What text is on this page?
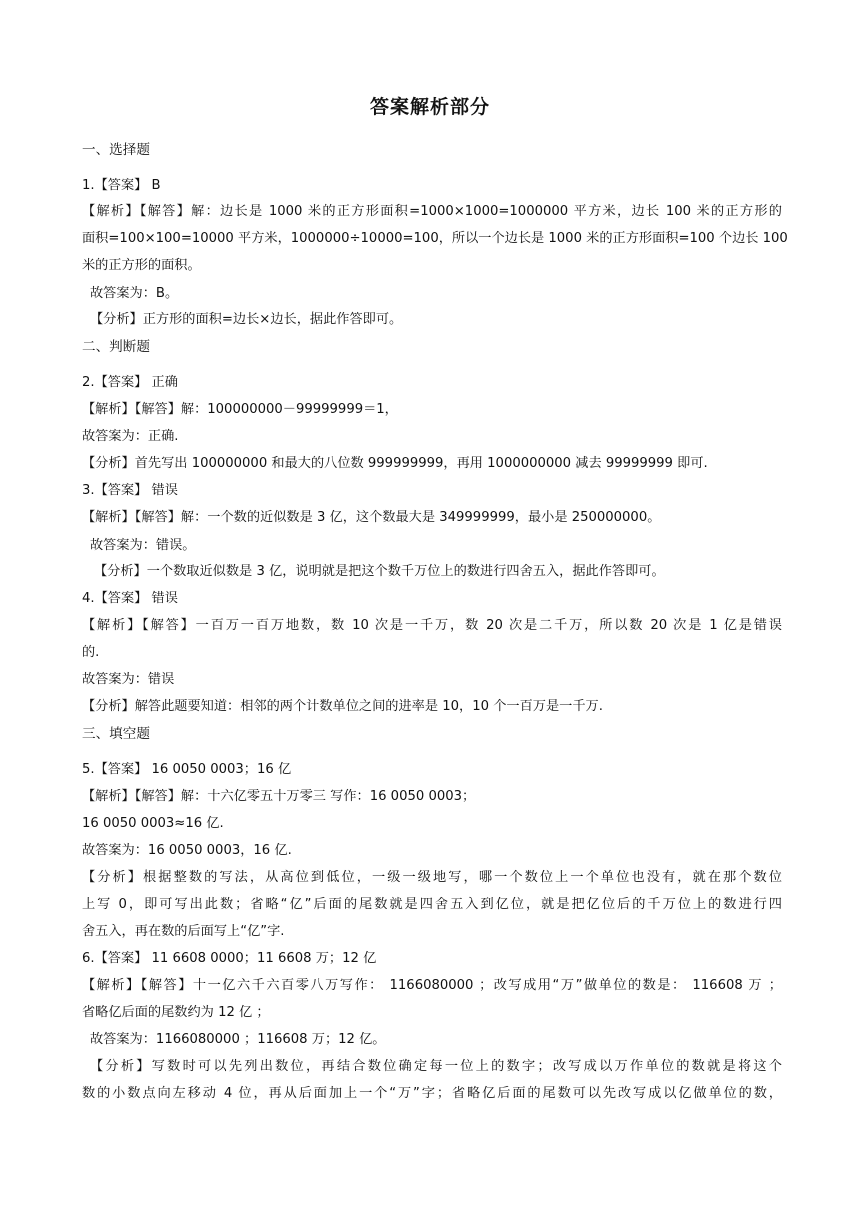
答案解析部分
一、选择题
1.【答案】 B
【解析】【解答】解：边长是 1000 米的正方形面积=1000×1000=1000000 平方米，边长 100 米的正方形的
面积=100×100=10000 平方米，1000000÷10000=100，所以一个边长是 1000 米的正方形面积=100 个边长 100
米的正方形的面积。
故答案为：B。
【分析】正方形的面积=边长×边长，据此作答即可。
二、判断题
2.【答案】 正确
【解析】【解答】解：100000000－99999999＝1，
故答案为：正确.
【分析】首先写出 100000000 和最大的八位数 999999999，再用 1000000000 减去 99999999 即可.
3.【答案】 错误
【解析】【解答】解：一个数的近似数是 3 亿，这个数最大是 349999999，最小是 250000000。
故答案为：错误。
【分析】一个数取近似数是 3 亿，说明就是把这个数千万位上的数进行四舍五入，据此作答即可。
4.【答案】 错误
【解析】【解答】一百万一百万地数，数 10 次是一千万，数 20 次是二千万，所以数 20 次是 1 亿是错误
的.
故答案为：错误
【分析】解答此题要知道：相邻的两个计数单位之间的进率是 10，10 个一百万是一千万.
三、填空题
5.【答案】 16 0050 0003；16 亿
【解析】【解答】解：十六亿零五十万零三 写作：16 0050 0003；
16 0050 0003≈16 亿.
故答案为：16 0050 0003，16 亿.
【分析】根据整数的写法，从高位到低位，一级一级地写，哪一个数位上一个单位也没有，就在那个数位
上写 0，即可写出此数；省略“亿”后面的尾数就是四舍五入到亿位，就是把亿位后的千万位上的数进行四
舍五入，再在数的后面写上“亿”字.
6.【答案】 11 6608 0000；11 6608 万；12 亿
【解析】【解答】十一亿六千六百零八万写作： 1166080000 ；改写成用“万”做单位的数是： 116608 万 ；
省略亿后面的尾数约为 12 亿 ；
故答案为：1166080000 ；116608 万；12 亿。
【分析】写数时可以先列出数位，再结合数位确定每一位上的数字；改写成以万作单位的数就是将这个
数的小数点向左移动 4 位，再从后面加上一个“万”字；省略亿后面的尾数可以先改写成以亿做单位的数，
